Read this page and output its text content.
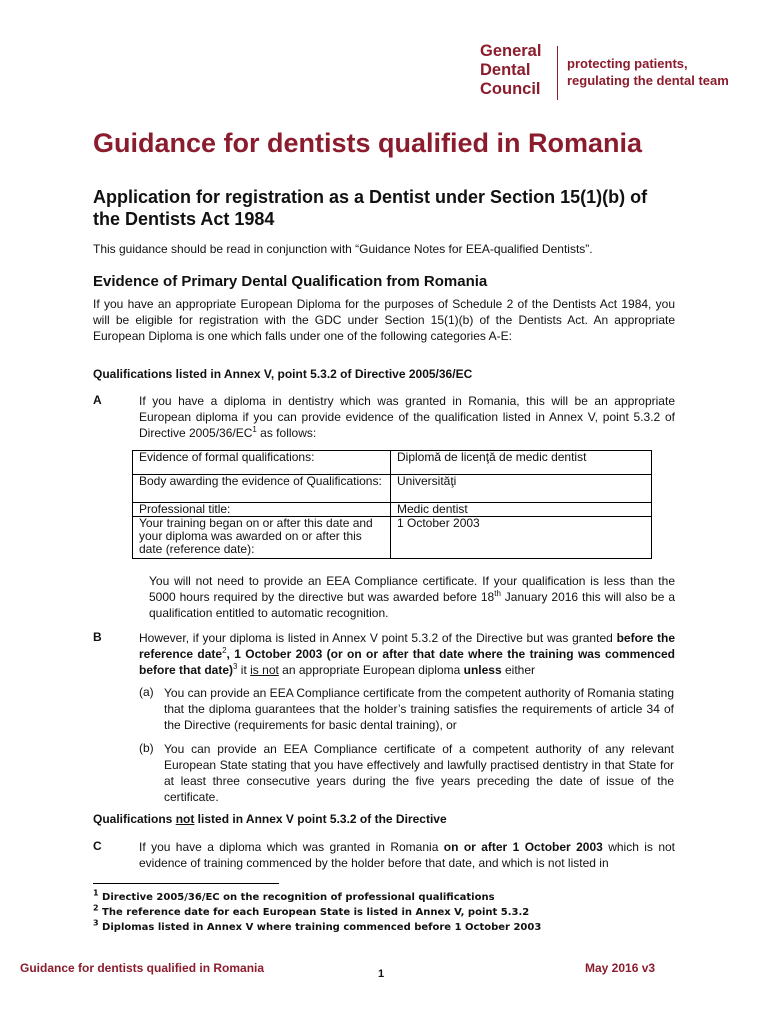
General
Dental
Council
protecting patients,
regulating the dental team
Guidance for dentists qualified in Romania
Application for registration as a Dentist under Section 15(1)(b) of the Dentists Act 1984
This guidance should be read in conjunction with “Guidance Notes for EEA-qualified Dentists”.
Evidence of Primary Dental Qualification from Romania
If you have an appropriate European Diploma for the purposes of Schedule 2 of the Dentists Act 1984, you will be eligible for registration with the GDC under Section 15(1)(b) of the Dentists Act. An appropriate European Diploma is one which falls under one of the following categories A-E:
Qualifications listed in Annex V, point 5.3.2 of Directive 2005/36/EC
A	If you have a diploma in dentistry which was granted in Romania, this will be an appropriate European diploma if you can provide evidence of the qualification listed in Annex V, point 5.3.2 of Directive $2005/36/EC^1$ as follows:
Evidence of formal qualifications:	Diplomă de licenţă de medic dentist
Body awarding the evidence of Qualifications:	Universităţi
Professional title:	Medic dentist
Your training began on or after this date and your diploma was awarded on or after this date (reference date):	1 October 2003
You will not need to provide an EEA Compliance certificate. If your qualification is less than the 5000 hours required by the directive but was awarded before 18th January 2016 this will also be a qualification entitled to automatic recognition.
B	However, if your diploma is listed in Annex V point 5.3.2 of the Directive but was granted before the reference date$^2$, 1 October 2003 (or on or after that date where the training was commenced before that date)$^3$ it is not an appropriate European diploma unless either
(a) You can provide an EEA Compliance certificate from the competent authority of Romania stating that the diploma guarantees that the holder’s training satisfies the requirements of article 34 of the Directive (requirements for basic dental training), or
(b) You can provide an EEA Compliance certificate of a competent authority of any relevant European State stating that you have effectively and lawfully practised dentistry in that State for at least three consecutive years during the five years preceding the date of issue of the certificate.
Qualifications not listed in Annex V point 5.3.2 of the Directive
C	If you have a diploma which was granted in Romania on or after 1 October 2003 which is not evidence of training commenced by the holder before that date, and which is not listed in
$^1$ Directive 2005/36/EC on the recognition of professional qualifications
$^2$ The reference date for each European State is listed in Annex V, point 5.3.2
$^3$ Diplomas listed in Annex V where training commenced before 1 October 2003
Guidance for dentists qualified in Romania	1	May 2016 v3
